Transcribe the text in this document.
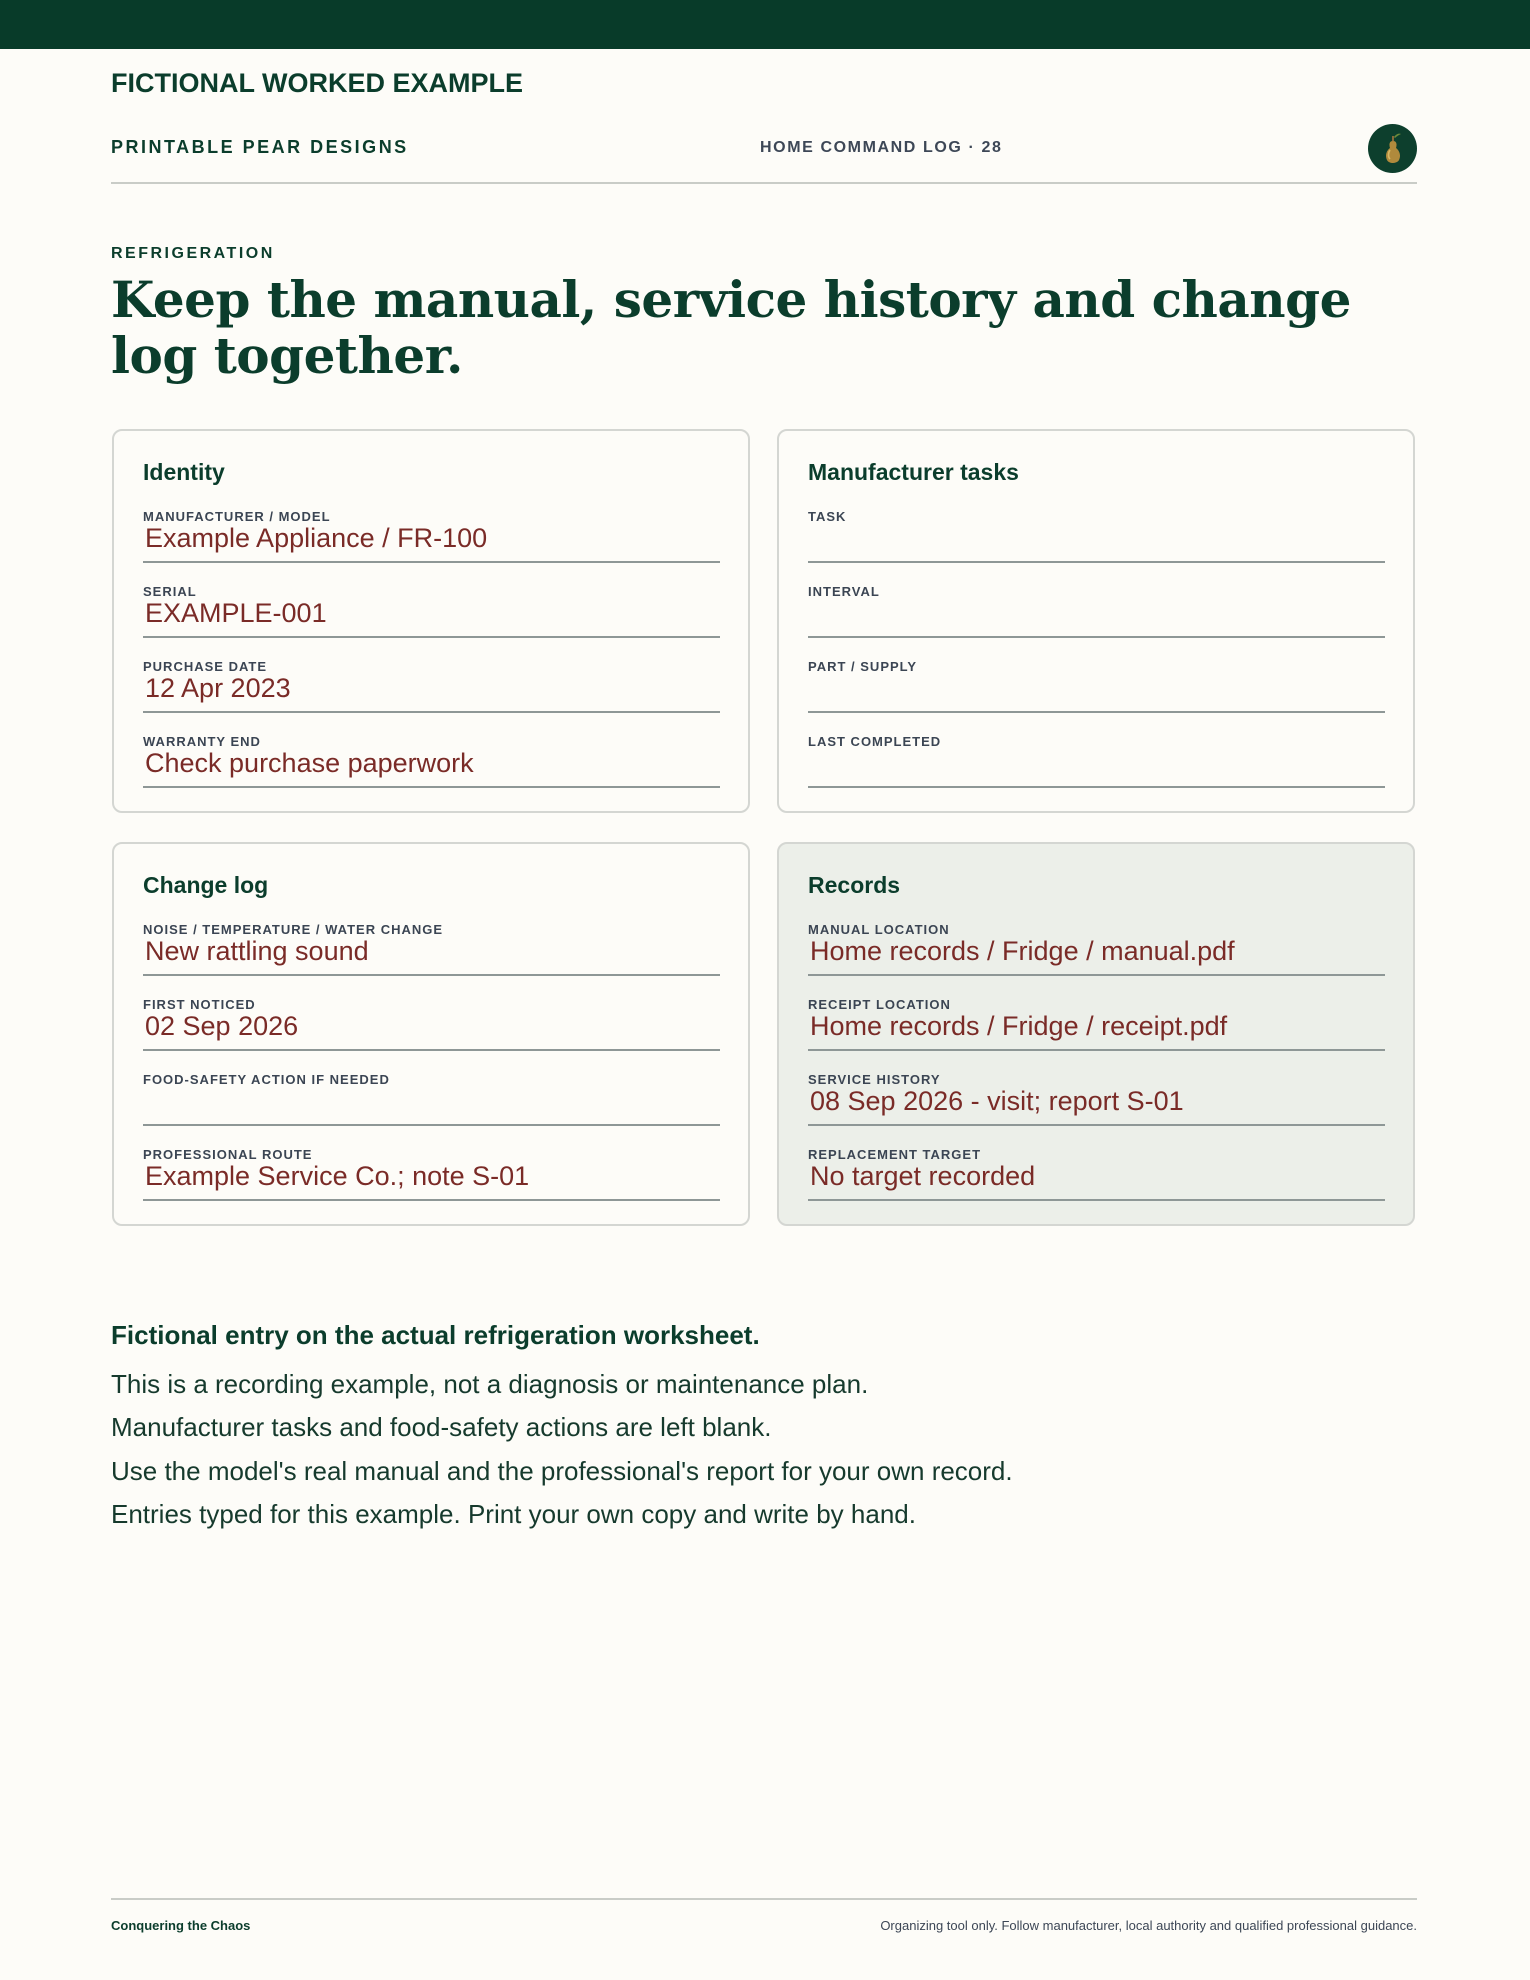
FICTIONAL WORKED EXAMPLE
PRINTABLE PEAR DESIGNS	HOME COMMAND LOG · 28
REFRIGERATION
Keep the manual, service history and change log together.
Identity
MANUFACTURER / MODEL
Example Appliance / FR-100
SERIAL
EXAMPLE-001
PURCHASE DATE
12 Apr 2023
WARRANTY END
Check purchase paperwork
Manufacturer tasks
TASK
INTERVAL
PART / SUPPLY
LAST COMPLETED
Change log
NOISE / TEMPERATURE / WATER CHANGE
New rattling sound
FIRST NOTICED
02 Sep 2026
FOOD-SAFETY ACTION IF NEEDED
PROFESSIONAL ROUTE
Example Service Co.; note S-01
Records
MANUAL LOCATION
Home records / Fridge / manual.pdf
RECEIPT LOCATION
Home records / Fridge / receipt.pdf
SERVICE HISTORY
08 Sep 2026 - visit; report S-01
REPLACEMENT TARGET
No target recorded
Fictional entry on the actual refrigeration worksheet.
This is a recording example, not a diagnosis or maintenance plan.
Manufacturer tasks and food-safety actions are left blank.
Use the model's real manual and the professional's report for your own record.
Entries typed for this example. Print your own copy and write by hand.
Conquering the Chaos	Organizing tool only. Follow manufacturer, local authority and qualified professional guidance.
